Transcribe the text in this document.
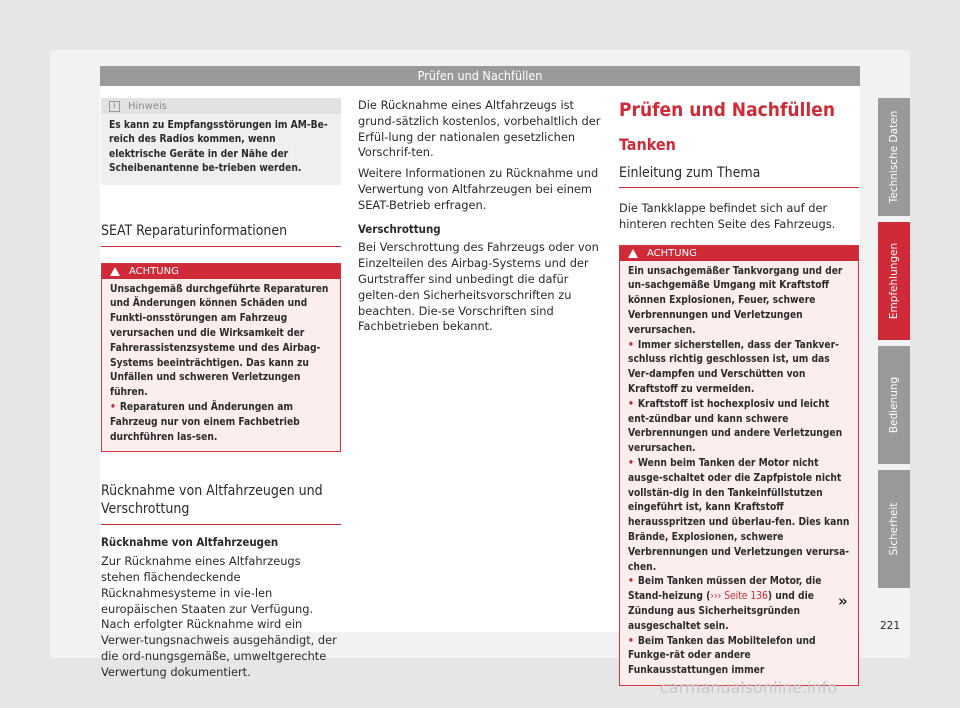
Prüfen und Nachfüllen
i	Hinweis
Es kann zu Empfangsstörungen im AM-Be-reich des Radios kommen, wenn elektrische Geräte in der Nähe der Scheibenantenne be-trieben werden.
SEAT Reparaturinformationen
ACHTUNG
Unsachgemäß durchgeführte Reparaturen und Änderungen können Schäden und Funkti-onsstörungen am Fahrzeug verursachen und die Wirksamkeit der Fahrerassistenzsysteme und des Airbag-Systems beeinträchtigen. Das kann zu Unfällen und schweren Verletzungen führen.
• Reparaturen und Änderungen am Fahrzeug nur von einem Fachbetrieb durchführen las-sen.
Rücknahme von Altfahrzeugen und Verschrottung
Rücknahme von Altfahrzeugen

Zur Rücknahme eines Altfahrzeugs stehen flächendeckende Rücknahmesysteme in vie-len europäischen Staaten zur Verfügung. Nach erfolgter Rücknahme wird ein Verwer-tungsnachweis ausgehändigt, der die ord-nungsgemäße, umweltgerechte Verwertung dokumentiert.

Die Rücknahme eines Altfahrzeugs ist grund-sätzlich kostenlos, vorbehaltlich der Erfül-lung der nationalen gesetzlichen Vorschrif-ten.

Weitere Informationen zu Rücknahme und Verwertung von Altfahrzeugen bei einem SEAT-Betrieb erfragen.

Verschrottung

Bei Verschrottung des Fahrzeugs oder von Einzelteilen des Airbag-Systems und der Gurtstraffer sind unbedingt die dafür gelten-den Sicherheitsvorschriften zu beachten. Die-se Vorschriften sind Fachbetrieben bekannt.

Prüfen und Nachfüllen
Tanken
Einleitung zum Thema

Die Tankklappe befindet sich auf der hinteren rechten Seite des Fahrzeugs.

ACHTUNG
Ein unsachgemäßer Tankvorgang und der un-sachgemäße Umgang mit Kraftstoff können Explosionen, Feuer, schwere Verbrennungen und Verletzungen verursachen.
• Immer sicherstellen, dass der Tankver-schluss richtig geschlossen ist, um das Ver-dampfen und Verschütten von Kraftstoff zu vermeiden.
• Kraftstoff ist hochexplosiv und leicht ent-zündbar und kann schwere Verbrennungen und andere Verletzungen verursachen.
• Wenn beim Tanken der Motor nicht ausge-schaltet oder die Zapfpistole nicht vollstän-dig in den Tankeinfüllstutzen eingeführt ist, kann Kraftstoff herausspritzen und überlau-fen. Dies kann Brände, Explosionen, schwere Verbrennungen und Verletzungen verursa-chen.
• Beim Tanken müssen der Motor, die Stand-heizung (››› Seite 136) und die Zündung aus Sicherheitsgründen ausgeschaltet sein.
• Beim Tanken das Mobiltelefon und Funkge-rät oder andere Funkausstattungen immer
»
Technische Daten
Empfehlungen
Bedienung
Sicherheit
221
carmanualsonline.info
